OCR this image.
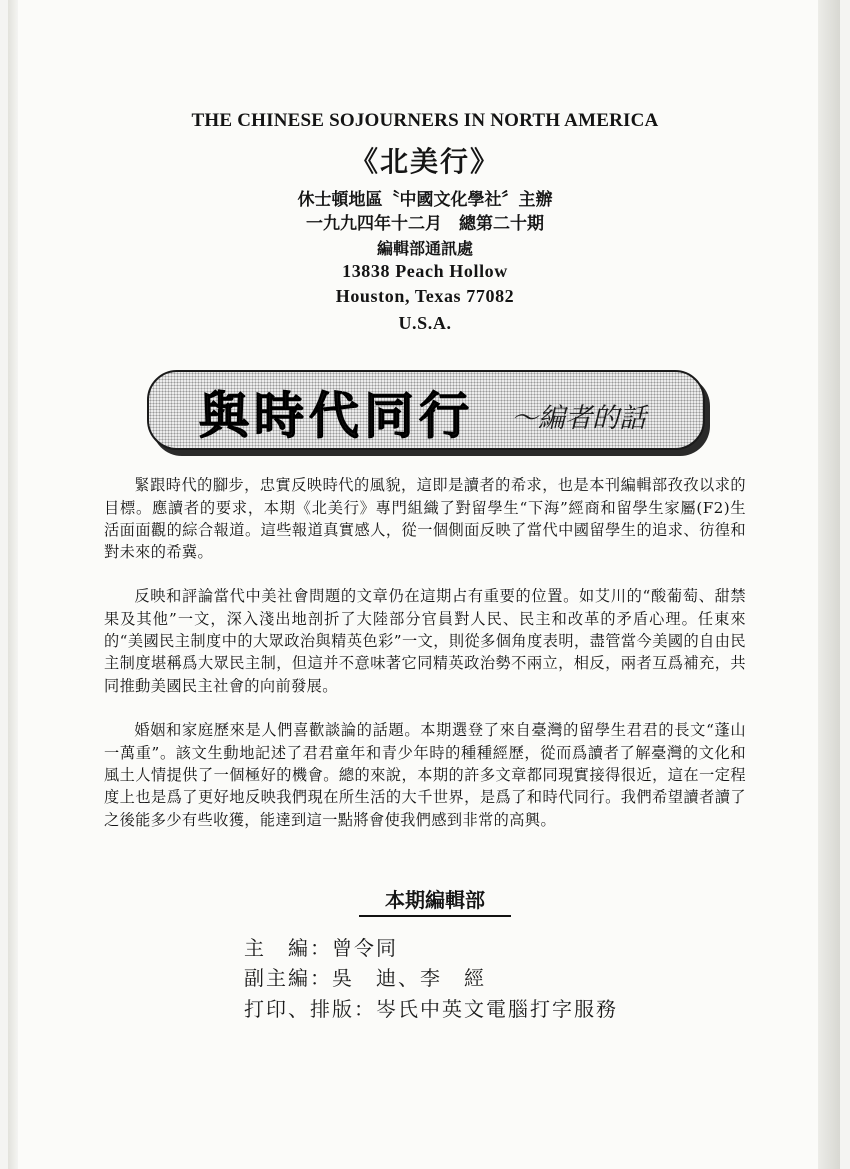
THE CHINESE SOJOURNERS IN NORTH AMERICA
《北美行》
休士頓地區〝中國文化學社〞主辦
一九九四年十二月　總第二十期
編輯部通訊處
13838 Peach Hollow
Houston, Texas 77082
U.S.A.
與時代同行 ～編者的話

緊跟時代的腳步，忠實反映時代的風貌，這即是讀者的希求，也是本刊編輯部孜孜以求的目標。應讀者的要求，本期《北美行》專門組織了對留學生“下海”經商和留學生家屬(F2)生活面面觀的綜合報道。這些報道真實感人，從一個側面反映了當代中國留學生的追求、彷徨和對未來的希冀。

反映和評論當代中美社會問題的文章仍在這期占有重要的位置。如艾川的“酸葡萄、甜禁果及其他”一文，深入淺出地剖折了大陸部分官員對人民、民主和改革的矛盾心理。任東來的“美國民主制度中的大眾政治與精英色彩”一文，則從多個角度表明，盡管當今美國的自由民主制度堪稱爲大眾民主制，但這并不意味著它同精英政治勢不兩立，相反，兩者互爲補充，共同推動美國民主社會的向前發展。

婚姻和家庭歷來是人們喜歡談論的話題。本期選登了來自臺灣的留學生君君的長文“蓬山一萬重”。該文生動地記述了君君童年和青少年時的種種經歷，從而爲讀者了解臺灣的文化和風土人情提供了一個極好的機會。總的來說，本期的許多文章都同現實接得很近，這在一定程度上也是爲了更好地反映我們現在所生活的大千世界，是爲了和時代同行。我們希望讀者讀了之後能多少有些收獲，能達到這一點將會使我們感到非常的高興。

本期編輯部
主　編：曾令同
副主編：吳　迪、李　經
打印、排版：岑氏中英文電腦打字服務
